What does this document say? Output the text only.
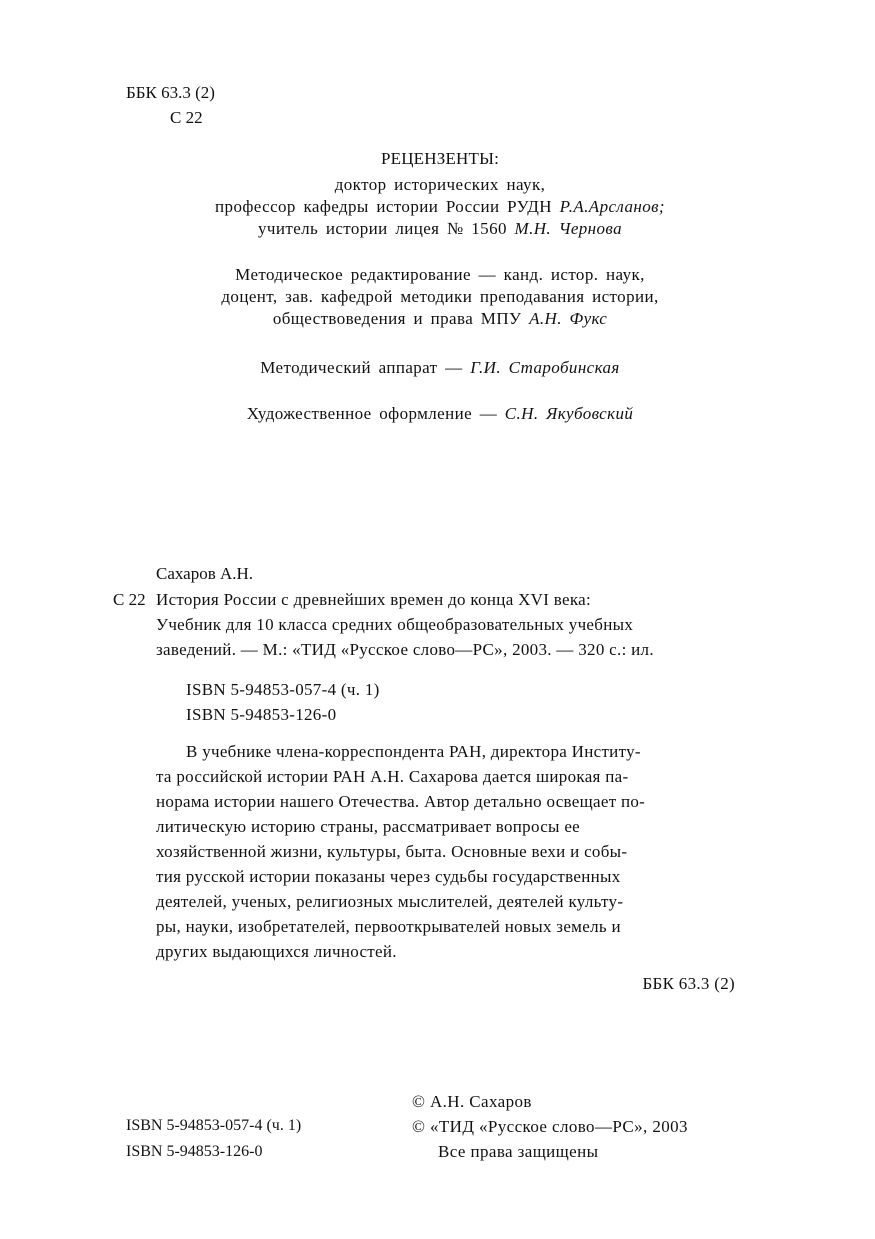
ББК 63.3 (2)
С 22
РЕЦЕНЗЕНТЫ:
доктор исторических наук,
профессор кафедры истории России РУДН Р.А.Арсланов;
учитель истории лицея № 1560 М.Н. Чернова
Методическое редактирование — канд. истор. наук,
доцент, зав. кафедрой методики преподавания истории,
обществоведения и права МПУ А.Н. Фукс
Методический аппарат — Г.И. Старобинская
Художественное оформление — С.Н. Якубовский
Сахаров А.Н.
С 22 История России с древнейших времен до конца XVI века:
Учебник для 10 класса средних общеобразовательных учебных
заведений. — М.: «ТИД «Русское слово—РС», 2003. — 320 с.: ил.
ISBN 5-94853-057-4 (ч. 1)
ISBN 5-94853-126-0
В учебнике члена-корреспондента РАН, директора Институ-
та российской истории РАН А.Н. Сахарова дается широкая па-
норама истории нашего Отечества. Автор детально освещает по-
литическую историю страны, рассматривает вопросы ее
хозяйственной жизни, культуры, быта. Основные вехи и собы-
тия русской истории показаны через судьбы государственных
деятелей, ученых, религиозных мыслителей, деятелей культу-
ры, науки, изобретателей, первооткрывателей новых земель и
других выдающихся личностей.
ББК 63.3 (2)
ISBN 5-94853-057-4 (ч. 1)
ISBN 5-94853-126-0
© А.Н. Сахаров
© «ТИД «Русское слово—РС», 2003
Все права защищены
